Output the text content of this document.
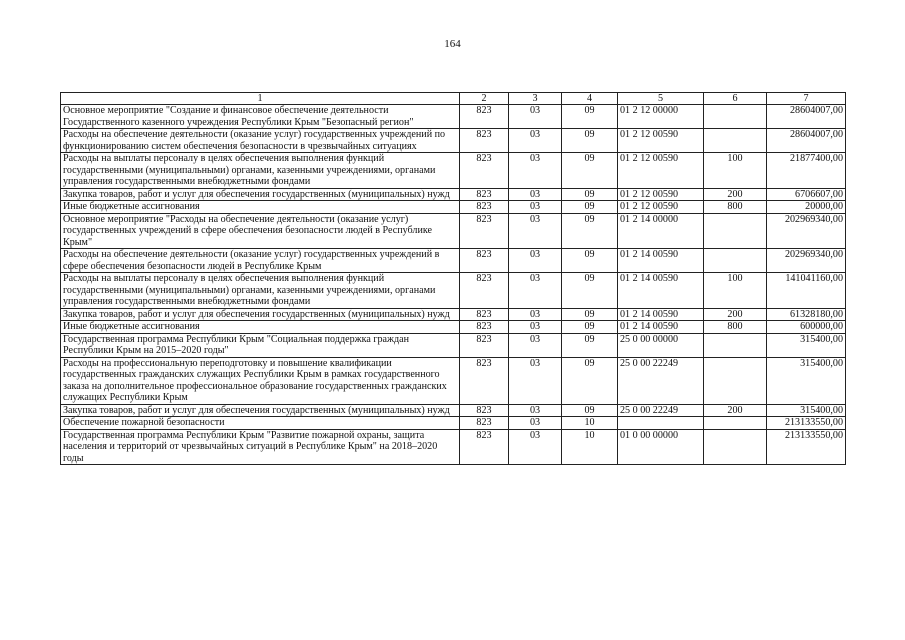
164
1	2	3	4	5	6	7
Основное мероприятие "Создание и финансовое обеспечение деятельности Государственного казенного учреждения Республики Крым "Безопасный регион"	823	03	09	01 2 12 00000		28604007,00
Расходы на обеспечение деятельности (оказание услуг) государственных учреждений по функционированию систем обеспечения безопасности в чрезвычайных ситуациях	823	03	09	01 2 12 00590		28604007,00
Расходы на выплаты персоналу в целях обеспечения выполнения функций государственными (муниципальными) органами, казенными учреждениями, органами управления государственными внебюджетными фондами	823	03	09	01 2 12 00590	100	21877400,00
Закупка товаров, работ и услуг для обеспечения государственных (муниципальных) нужд	823	03	09	01 2 12 00590	200	6706607,00
Иные бюджетные ассигнования	823	03	09	01 2 12 00590	800	20000,00
Основное мероприятие "Расходы на обеспечение деятельности (оказание услуг) государственных учреждений в сфере обеспечения безопасности людей в Республике Крым"	823	03	09	01 2 14 00000		202969340,00
Расходы на обеспечение деятельности (оказание услуг) государственных учреждений в сфере обеспечения безопасности людей в Республике Крым	823	03	09	01 2 14 00590		202969340,00
Расходы на выплаты персоналу в целях обеспечения выполнения функций государственными (муниципальными) органами, казенными учреждениями, органами управления государственными внебюджетными фондами	823	03	09	01 2 14 00590	100	141041160,00
Закупка товаров, работ и услуг для обеспечения государственных (муниципальных) нужд	823	03	09	01 2 14 00590	200	61328180,00
Иные бюджетные ассигнования	823	03	09	01 2 14 00590	800	600000,00
Государственная программа Республики Крым "Социальная поддержка граждан Республики Крым на 2015–2020 годы"	823	03	09	25 0 00 00000		315400,00
Расходы на профессиональную переподготовку и повышение квалификации государственных гражданских служащих Республики Крым в рамках государственного заказа на дополнительное профессиональное образование государственных гражданских служащих Республики Крым	823	03	09	25 0 00 22249		315400,00
Закупка товаров, работ и услуг для обеспечения государственных (муниципальных) нужд	823	03	09	25 0 00 22249	200	315400,00
Обеспечение пожарной безопасности	823	03	10			213133550,00
Государственная программа Республики Крым "Развитие пожарной охраны, защита населения и территорий от чрезвычайных ситуаций в Республике Крым" на 2018–2020 годы	823	03	10	01 0 00 00000		213133550,00
